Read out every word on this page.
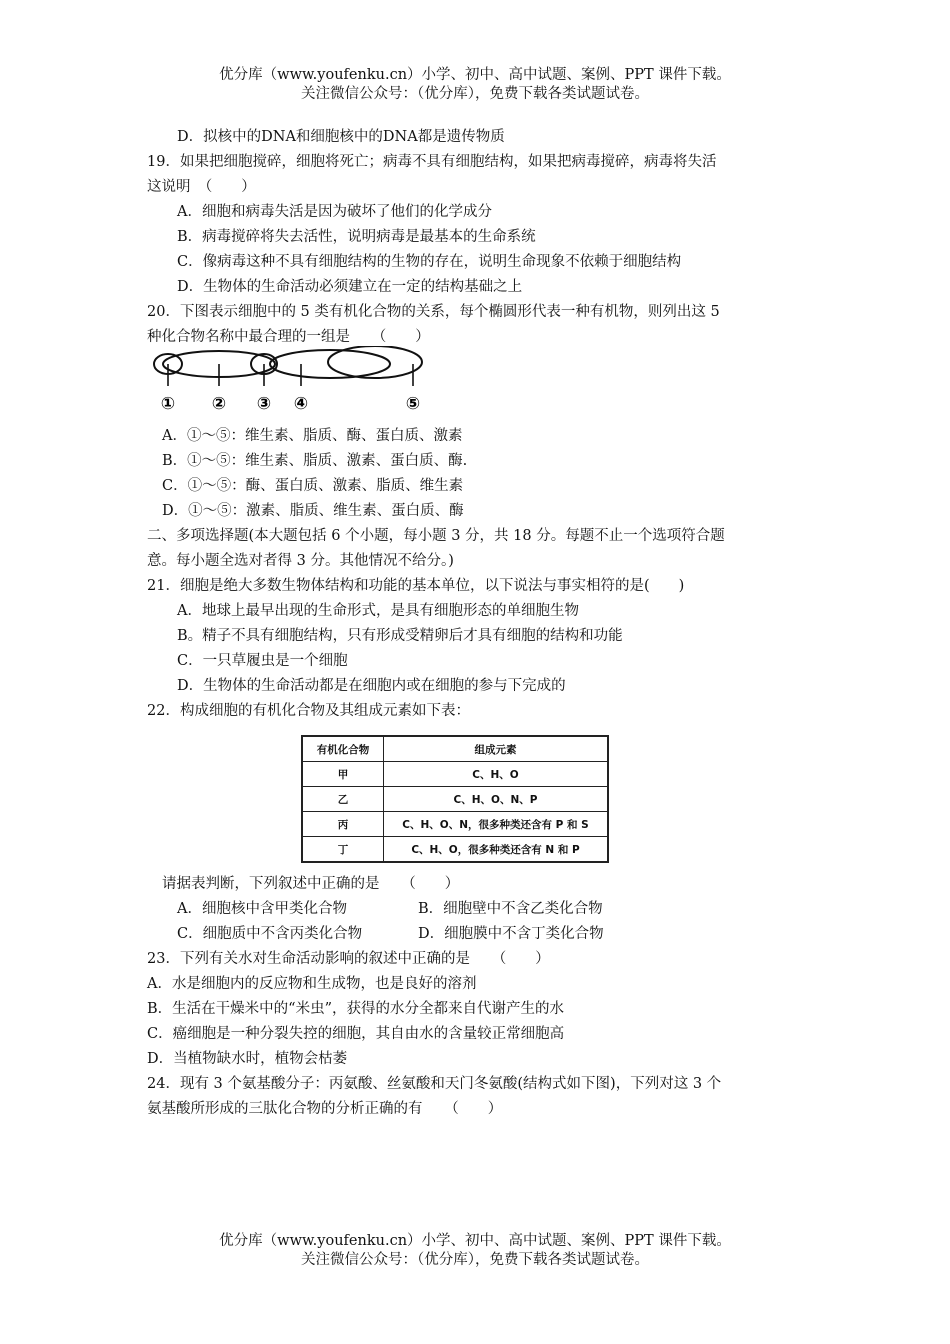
优分库（www.youfenku.cn）小学、初中、高中试题、案例、PPT 课件下载。
关注微信公众号：（优分库），免费下载各类试题试卷。
D．拟核中的DNA和细胞核中的DNA都是遗传物质
19．如果把细胞搅碎，细胞将死亡；病毒不具有细胞结构，如果把病毒搅碎，病毒将失活
这说明　（　　）
A．细胞和病毒失活是因为破坏了他们的化学成分
B．病毒搅碎将失去活性，说明病毒是最基本的生命系统
C．像病毒这种不具有细胞结构的生物的存在，说明生命现象不依赖于细胞结构
D．生物体的生命活动必须建立在一定的结构基础之上
20．下图表示细胞中的 5 类有机化合物的关系，每个椭圆形代表一种有机物，则列出这 5
种化合物名称中最合理的一组是　　（　　）
① ② ③ ④	⑤
A．①～⑤：维生素、脂质、酶、蛋白质、激素
B．①～⑤：维生素、脂质、激素、蛋白质、酶.
C．①～⑤：酶、蛋白质、激素、脂质、维生素
D．①～⑤：激素、脂质、维生素、蛋白质、酶
二、多项选择题(本大题包括 6 个小题，每小题 3 分，共 18 分。每题不止一个选项符合题
意。每小题全选对者得 3 分。其他情况不给分。)
21．细胞是绝大多数生物体结构和功能的基本单位，以下说法与事实相符的是(　　)
A．地球上最早出现的生命形式，是具有细胞形态的单细胞生物
B。精子不具有细胞结构，只有形成受精卵后才具有细胞的结构和功能
C．一只草履虫是一个细胞
D．生物体的生命活动都是在细胞内或在细胞的参与下完成的
22．构成细胞的有机化合物及其组成元素如下表：
有机化合物	组成元素
甲	C、H、O
乙	C、H、O、N、P
丙	C、H、O、N，很多种类还含有 P 和 S
丁	C、H、O，很多种类还含有 N 和 P
请据表判断，下列叙述中正确的是　　（　　）
A．细胞核中含甲类化合物	B．细胞壁中不含乙类化合物
C．细胞质中不含丙类化合物	D．细胞膜中不含丁类化合物
23．下列有关水对生命活动影响的叙述中正确的是　　（　　）
A．水是细胞内的反应物和生成物，也是良好的溶剂
B．生活在干燥米中的“米虫”，获得的水分全都来自代谢产生的水
C．癌细胞是一种分裂失控的细胞，其自由水的含量较正常细胞高
D．当植物缺水时，植物会枯萎
24．现有 3 个氨基酸分子：丙氨酸、丝氨酸和天门冬氨酸(结构式如下图)，下列对这 3 个
氨基酸所形成的三肽化合物的分析正确的有　　（　　）
优分库（www.youfenku.cn）小学、初中、高中试题、案例、PPT 课件下载。
关注微信公众号：（优分库），免费下载各类试题试卷。
